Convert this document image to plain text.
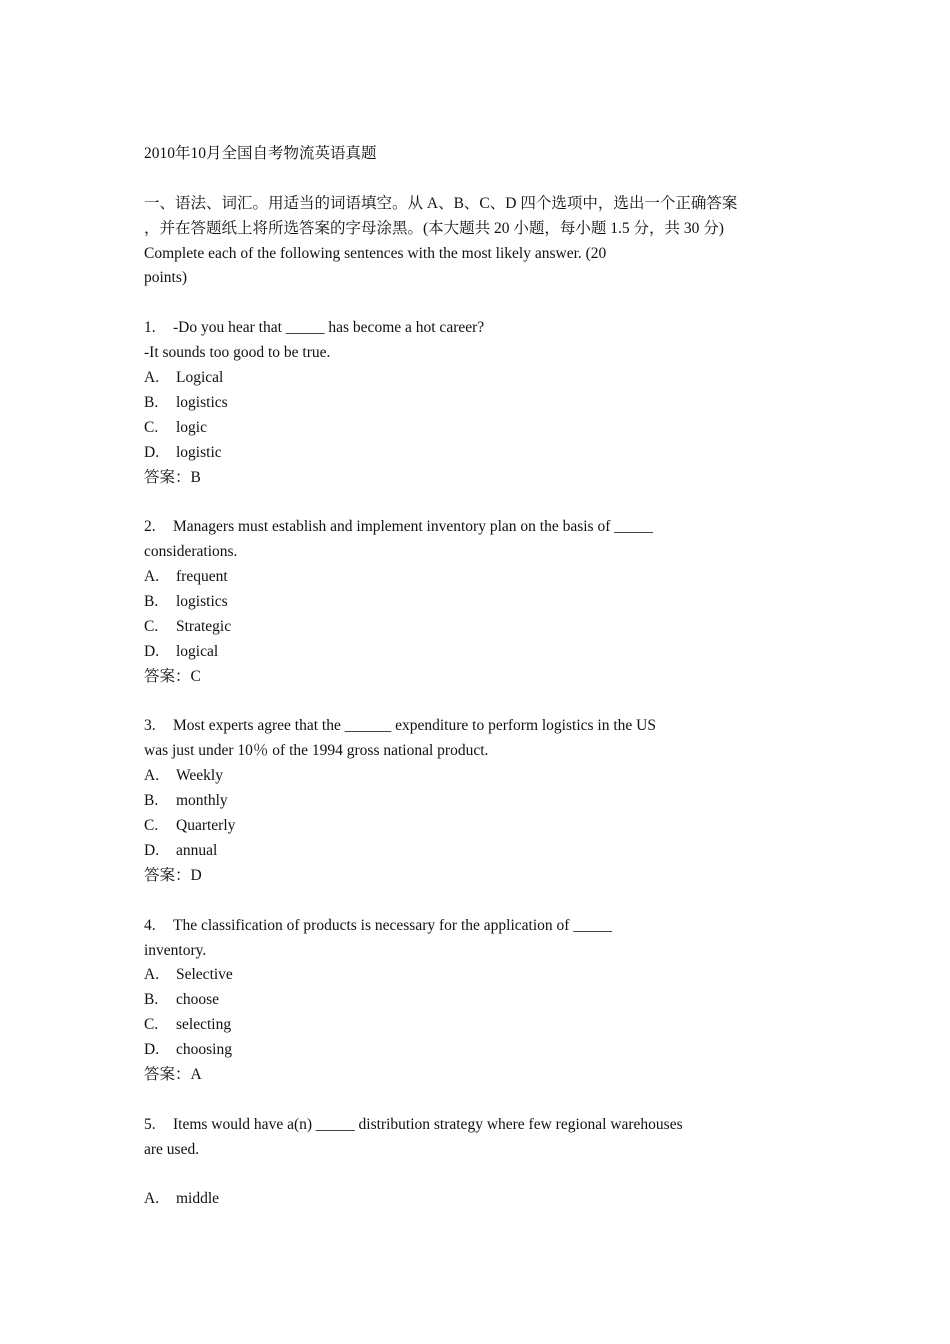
2010年10月全国自考物流英语真题
一、语法、词汇。用适当的词语填空。从 A、B、C、D 四个选项中，选出一个正确答案
，并在答题纸上将所选答案的字母涂黑。(本大题共 20 小题，每小题 1.5 分，共 30 分)
Complete each of the following sentences with the most likely answer. (20
points)
1. -Do you hear that _____ has become a hot career?
-It sounds too good to be true.
A. Logical
B. logistics
C. logic
D. logistic
答案：B
2. Managers must establish and implement inventory plan on the basis of _____
considerations.
A. frequent
B. logistics
C. Strategic
D. logical
答案：C
3. Most experts agree that the ______ expenditure to perform logistics in the US
was just under 10％ of the 1994 gross national product.
A. Weekly
B. monthly
C. Quarterly
D. annual
答案：D
4. The classification of products is necessary for the application of _____
inventory.
A. Selective
B. choose
C. selecting
D. choosing
答案：A
5. Items would have a(n) _____ distribution strategy where few regional warehouses
are used.
A. middle
